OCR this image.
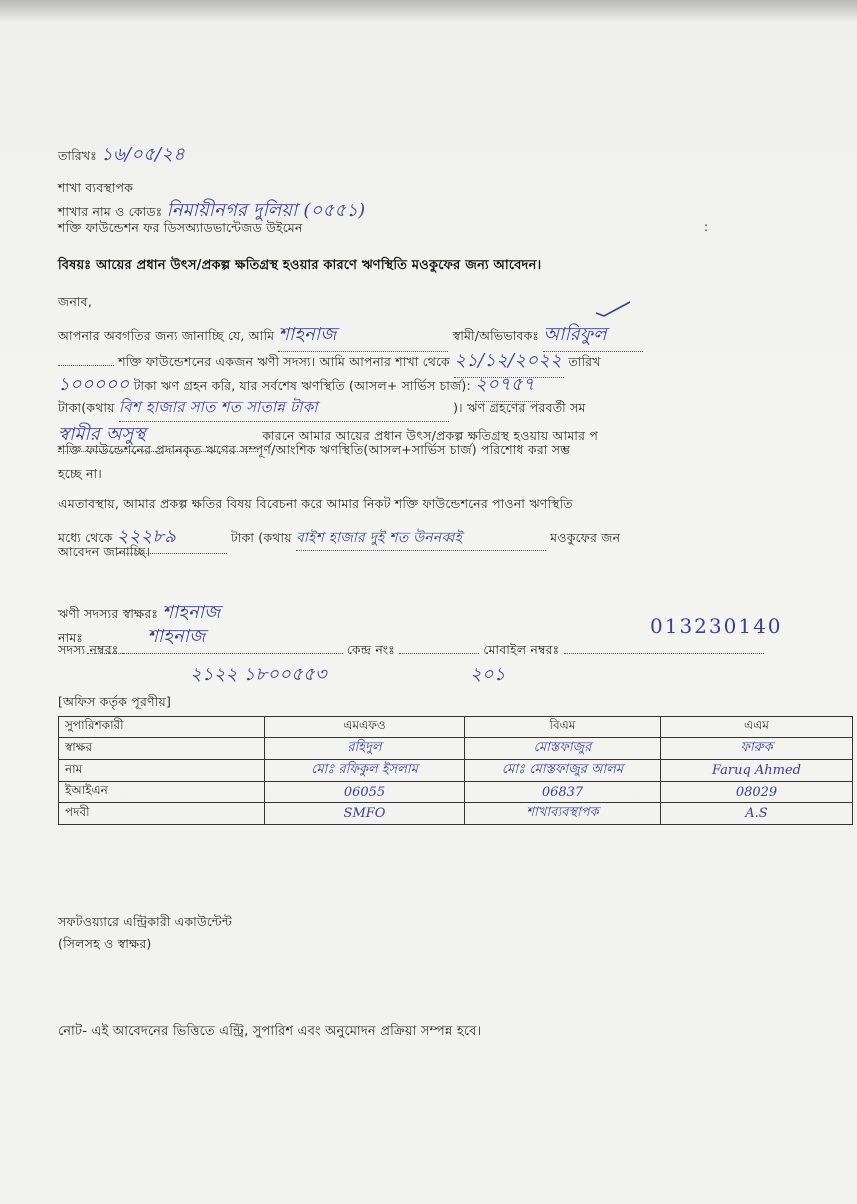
তারিখঃ ১৬/০৫/২৪
শাখা ব্যবস্থাপক
শাখার নাম ও কোডঃ নিমায়ীনগর দুলিয়া (০৫৫১)
শক্তি ফাউন্ডেশন ফর ডিসঅ্যাডভান্টেজড উইমেন	:
বিষয়ঃ আয়ের প্রধান উৎস/প্রকল্প ক্ষতিগ্রস্থ হওয়ার কারণে ঋণস্থিতি মওকুফের জন্য আবেদন।
জনাব,
আপনার অবগতির জন্য জানাচ্ছি যে, আমি শাহনাজ	স্বামী/অভিভাবকঃ আরিফুল
শক্তি ফাউন্ডেশনের একজন ঋণী সদস্য। আমি আপনার শাখা থেকে ২১/১২/২০২২ তারিখ
১০০০০০ টাকা ঋণ গ্রহন করি, যার সর্বশেষ ঋণস্থিতি (আসল+ সার্ভিস চার্জ): ২০৭৫৭
টাকা(কথায় বিশ হাজার সাত শত সাতান্ন টাকা	)। ঋণ গ্রহণের পরবর্তী সম
স্বামীর অসুস্থ	কারনে আমার আয়ের প্রধান উৎস/প্রকল্প ক্ষতিগ্রস্থ হওয়ায় আমার প
শক্তি ফাউন্ডেশনের প্রদানকৃত ঋণের সম্পূর্ণ/আংশিক ঋণস্থিতি(আসল+সার্ভিস চার্জ) পরিশোধ করা সম্ভ
হচ্ছে না।
এমতাবস্থায়, আমার প্রকল্প ক্ষতির বিষয় বিবেচনা করে আমার নিকট শক্তি ফাউন্ডেশনের পাওনা ঋণস্থিতি
মধ্যে থেকে ২২২৮৯	টাকা (কথায় বাইশ হাজার দুই শত উননব্বই	মওকুফের জন
আবেদন জানাচ্ছি।
ঋণী সদস্যর স্বাক্ষরঃ শাহনাজ
নামঃ	শাহনাজ
সদস্য নম্বরঃ	কেন্দ্র নংঃ	মোবাইল নম্বরঃ
013230140
২১২২ ১৮০০৫৫৩	২০১
[অফিস কর্তৃক পূরণীয়]
সুপারিশকারী	এমএফও	বিএম	এএম
স্বাক্ষর	রহিদুল	মোস্তফাজুর	ফারুক
নাম	মোঃ রফিকুল ইসলাম	মোঃ মোস্তফাজুর আলম	Faruq Ahmed
ইআইএন	06055	06837	08029
পদবী	SMFO	শাখাব্যবস্থাপক	A.S
সফটওয়্যারে এন্ট্রিকারী একাউন্টেন্ট
(সিলসহ ও স্বাক্ষর)
নোট- এই আবেদনের ভিত্তিতে এন্ট্রি, সুপারিশ এবং অনুমোদন প্রক্রিয়া সম্পন্ন হবে।
